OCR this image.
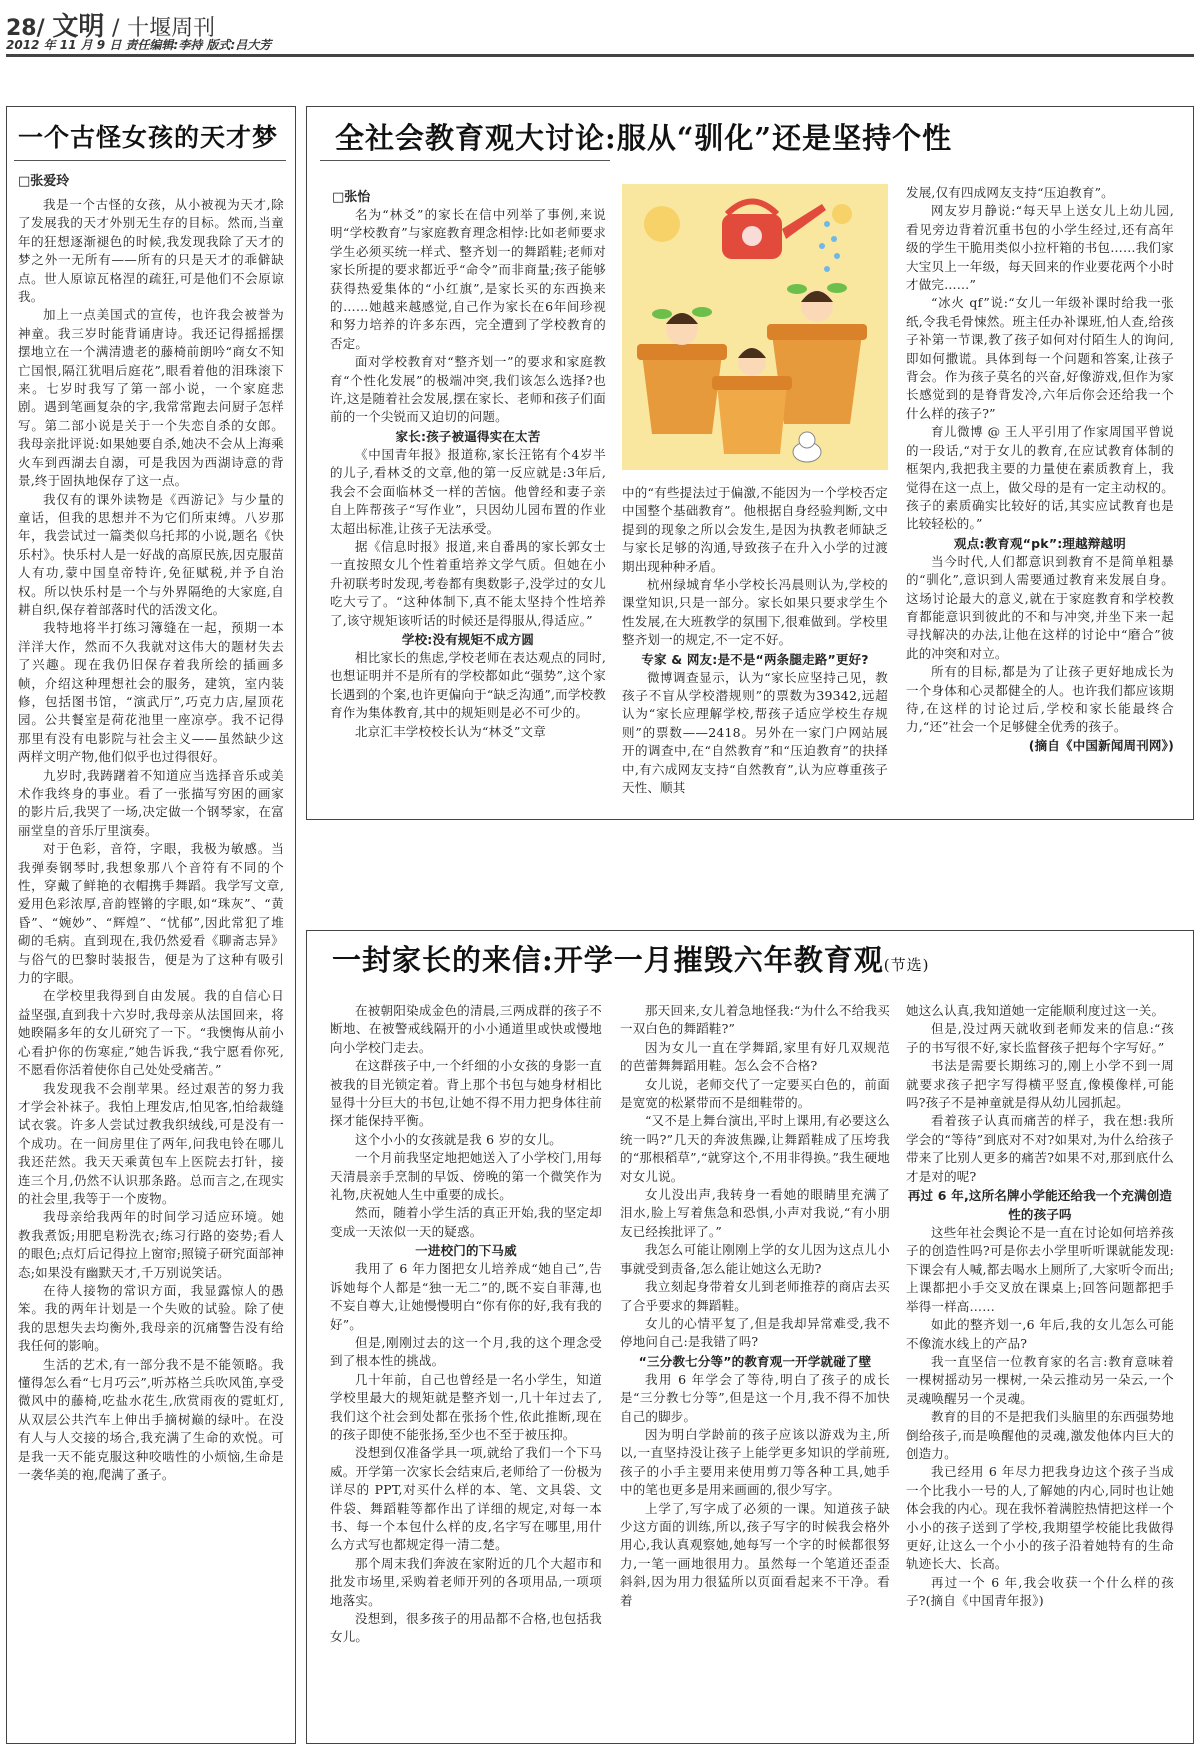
28/ 文明 / 十堰周刊
2012 年 11 月 9 日 责任编辑:李持 版式:吕大芳
一个古怪女孩的天才梦
□张爱玲

我是一个古怪的女孩，从小被视为天才,除了发展我的天才外别无生存的目标。然而,当童年的狂想逐渐褪色的时候,我发现我除了天才的梦之外一无所有——所有的只是天才的乖僻缺点。世人原谅瓦格涅的疏狂,可是他们不会原谅我。

加上一点美国式的宣传，也许我会被誉为神童。我三岁时能背诵唐诗。我还记得摇摇摆摆地立在一个满清遗老的藤椅前朗吟“商女不知亡国恨,隔江犹唱后庭花”,眼看着他的泪珠滚下来。七岁时我写了第一部小说，一个家庭悲剧。遇到笔画复杂的字,我常常跑去问厨子怎样写。第二部小说是关于一个失恋自杀的女郎。我母亲批评说:如果她要自杀,她决不会从上海乘火车到西湖去自溺，可是我因为西湖诗意的背景,终于固执地保存了这一点。

我仅有的课外读物是《西游记》与少量的童话，但我的思想并不为它们所束缚。八岁那年，我尝试过一篇类似乌托邦的小说,题名《快乐村》。快乐村人是一好战的高原民族,因克服苗人有功,蒙中国皇帝特许,免征赋税,并予自治权。所以快乐村是一个与外界隔绝的大家庭,自耕自织,保存着部落时代的活泼文化。

我特地将半打练习簿缝在一起，预期一本洋洋大作，然而不久我就对这伟大的题材失去了兴趣。现在我仍旧保存着我所绘的插画多帧，介绍这种理想社会的服务，建筑，室内装修，包括图书馆，“演武厅”,巧克力店,屋顶花园。公共餐室是荷花池里一座凉亭。我不记得那里有没有电影院与社会主义——虽然缺少这两样文明产物,他们似乎也过得很好。

九岁时,我踌躇着不知道应当选择音乐或美术作我终身的事业。看了一张描写穷困的画家的影片后,我哭了一场,决定做一个钢琴家，在富丽堂皇的音乐厅里演奏。

对于色彩，音符，字眼，我极为敏感。当我弹奏钢琴时,我想象那八个音符有不同的个性，穿戴了鲜艳的衣帽携手舞蹈。我学写文章,爱用色彩浓厚,音韵铿锵的字眼,如“珠灰”、“黄昏”、“婉妙”、“辉煌”、“忧郁”,因此常犯了堆砌的毛病。直到现在,我仍然爱看《聊斋志异》与俗气的巴黎时装报告，便是为了这种有吸引力的字眼。

在学校里我得到自由发展。我的自信心日益坚强,直到我十六岁时,我母亲从法国回来，将她睽隔多年的女儿研究了一下。“我懊悔从前小心看护你的伤寒症,”她告诉我,“我宁愿看你死,不愿看你活着使你自己处处受痛苦。”

我发现我不会削苹果。经过艰苦的努力我才学会补袜子。我怕上理发店,怕见客,怕给裁缝试衣裳。许多人尝试过教我织绒线,可是没有一个成功。在一间房里住了两年,问我电铃在哪儿我还茫然。我天天乘黄包车上医院去打针，接连三个月,仍然不认识那条路。总而言之,在现实的社会里,我等于一个废物。

我母亲给我两年的时间学习适应环境。她教我煮饭;用肥皂粉洗衣;练习行路的姿势;看人的眼色;点灯后记得拉上窗帘;照镜子研究面部神态;如果没有幽默天才,千万别说笑话。

在待人接物的常识方面，我显露惊人的愚笨。我的两年计划是一个失败的试验。除了使我的思想失去均衡外,我母亲的沉痛警告没有给我任何的影响。

生活的艺术,有一部分我不是不能领略。我懂得怎么看“七月巧云”,听苏格兰兵吹风笛,享受微风中的藤椅,吃盐水花生,欣赏雨夜的霓虹灯,从双层公共汽车上伸出手摘树巅的绿叶。在没有人与人交接的场合,我充满了生命的欢悦。可是我一天不能克服这种咬啮性的小烦恼,生命是一袭华美的袍,爬满了蚤子。

全社会教育观大讨论:服从“驯化”还是坚持个性
□张怡

名为“林爻”的家长在信中列举了事例,来说明“学校教育”与家庭教育理念相悖:比如老师要求学生必须买统一样式、整齐划一的舞蹈鞋;老师对家长所提的要求都近乎“命令”而非商量;孩子能够获得热爱集体的“小红旗”,是家长买的东西换来的……她越来越感觉,自己作为家长在6年间珍视和努力培养的许多东西，完全遭到了学校教育的否定。

面对学校教育对“整齐划一”的要求和家庭教育“个性化发展”的极端冲突,我们该怎么选择?也许,这是随着社会发展,摆在家长、老师和孩子们面前的一个尖锐而又迫切的问题。

家长:孩子被逼得实在太苦

《中国青年报》报道称,家长汪铭有个4岁半的儿子,看林爻的文章,他的第一反应就是:3年后,我会不会面临林爻一样的苦恼。他曾经和妻子亲自上阵帮孩子“写作业”，只因幼儿园布置的作业太超出标准,让孩子无法承受。

据《信息时报》报道,来自番禺的家长郭女士一直按照女儿个性着重培养文学气质。但她在小升初联考时发现,考卷都有奥数影子,没学过的女儿吃大亏了。“这种体制下,真不能太坚持个性培养了,该守规矩该听话的时候还是得服从,得适应。”

学校:没有规矩不成方圆

相比家长的焦虑,学校老师在表达观点的同时,也想证明并不是所有的学校都如此“强势”,这个家长遇到的个案,也许更偏向于“缺乏沟通”,而学校教育作为集体教育,其中的规矩则是必不可少的。

北京汇丰学校校长认为“林爻”文章

中的“有些提法过于偏激,不能因为一个学校否定中国整个基础教育”。他根据自身经验判断,文中提到的现象之所以会发生,是因为执教老师缺乏与家长足够的沟通,导致孩子在升入小学的过渡期出现种种矛盾。

杭州绿城育华小学校长冯晨则认为,学校的课堂知识,只是一部分。家长如果只要求学生个性发展,在大班教学的氛围下,很难做到。学校里整齐划一的规定,不一定不好。

专家 & 网友:是不是“两条腿走路”更好?

微博调查显示，认为“家长应坚持己见，教孩子不盲从学校潜规则”的票数为39342,远超认为“家长应理解学校,帮孩子适应学校生存规则”的票数——2418。另外在一家门户网站展开的调查中,在“自然教育”和“压迫教育”的抉择中,有六成网友支持“自然教育”,认为应尊重孩子天性、顺其

发展,仅有四成网友支持“压迫教育”。

网友岁月静说:“每天早上送女儿上幼儿园,看见旁边背着沉重书包的小学生经过,还有高年级的学生干脆用类似小拉杆箱的书包……我们家大宝贝上一年级，每天回来的作业要花两个小时才做完……”

“冰火 qf”说:“女儿一年级补课时给我一张纸,令我毛骨悚然。班主任办补课班,怕人查,给孩子补第一节课,教了孩子如何对付陌生人的询问,即如何撒谎。具体到每一个问题和答案,让孩子背会。作为孩子莫名的兴奋,好像游戏,但作为家长感觉到的是脊背发冷,六年后你会还给我一个什么样的孩子?”

育儿微博 @ 王人平引用了作家周国平曾说的一段话,“对于女儿的教育,在应试教育体制的框架内,我把我主要的力量使在素质教育上，我觉得在这一点上，做父母的是有一定主动权的。孩子的素质确实比较好的话,其实应试教育也是比较轻松的。”

观点:教育观“pk”:理越辩越明

当今时代,人们都意识到教育不是简单粗暴的“驯化”,意识到人需要通过教育来发展自身。这场讨论最大的意义,就在于家庭教育和学校教育都能意识到彼此的不和与冲突,并坐下来一起寻找解决的办法,让他在这样的讨论中“磨合”彼此的冲突和对立。

所有的目标,都是为了让孩子更好地成长为一个身体和心灵都健全的人。也许我们都应该期待,在这样的讨论过后,学校和家长能最终合力,“还”社会一个足够健全优秀的孩子。

(摘自《中国新闻周刊网》)

一封家长的来信:开学一月摧毁六年教育观(节选)

在被朝阳染成金色的清晨,三两成群的孩子不断地、在被警戒线隔开的小小通道里或快或慢地向小学校门走去。

在这群孩子中,一个纤细的小女孩的身影一直被我的目光锁定着。背上那个书包与她身材相比显得十分巨大的书包,让她不得不用力把身体往前探才能保持平衡。

这个小小的女孩就是我 6 岁的女儿。

一个月前我坚定地把她送入了小学校门,用每天清晨亲手烹制的早饭、傍晚的第一个微笑作为礼物,庆祝她人生中重要的成长。

然而，随着小学生活的真正开始,我的坚定却变成一天浓似一天的疑惑。

一进校门的下马威

我用了 6 年力图把女儿培养成“她自己”,告诉她每个人都是“独一无二”的,既不妄自菲薄,也不妄自尊大,让她慢慢明白“你有你的好,我有我的好”。

但是,刚刚过去的这一个月,我的这个理念受到了根本性的挑战。

几十年前，自己也曾经是一名小学生，知道学校里最大的规矩就是整齐划一,几十年过去了,我们这个社会到处都在张扬个性,依此推断,现在的孩子即使不能张扬,至少也不至于被压抑。

没想到仅准备学具一项,就给了我们一个下马威。开学第一次家长会结束后,老师给了一份极为详尽的 PPT,对买什么样的本、笔、文具袋、文件袋、舞蹈鞋等都作出了详细的规定,对每一本书、每一个本包什么样的皮,名字写在哪里,用什么方式写也都规定得一清二楚。

那个周末我们奔波在家附近的几个大超市和批发市场里,采购着老师开列的各项用品,一项项地落实。

没想到，很多孩子的用品都不合格,也包括我女儿。

那天回来,女儿着急地怪我:“为什么不给我买一双白色的舞蹈鞋?”

因为女儿一直在学舞蹈,家里有好几双规范的芭蕾舞舞蹈用鞋。怎么会不合格?

女儿说，老师交代了一定要买白色的，前面是宽宽的松紧带而不是细鞋带的。

“又不是上舞台演出,平时上课用,有必要这么统一吗?”几天的奔波焦躁,让舞蹈鞋成了压垮我的“那根稻草”,“就穿这个,不用非得换。”我生硬地对女儿说。

女儿没出声,我转身一看她的眼睛里充满了泪水,脸上写着焦急和恐惧,小声对我说,“有小朋友已经挨批评了。”

我怎么可能让刚刚上学的女儿因为这点儿小事就受到责备,怎么能让她这么无助?

我立刻起身带着女儿到老师推荐的商店去买了合乎要求的舞蹈鞋。

女儿的心情平复了,但是我却异常难受,我不停地问自己:是我错了吗?

“三分教七分等”的教育观一开学就碰了壁

我用 6 年学会了等待,明白了孩子的成长是“三分教七分等”,但是这一个月,我不得不加快自己的脚步。

因为明白学龄前的孩子应该以游戏为主,所以,一直坚持没让孩子上能学更多知识的学前班,孩子的小手主要用来使用剪刀等各种工具,她手中的笔也更多是用来画画的,很少写字。

上学了,写字成了必须的一课。知道孩子缺少这方面的训练,所以,孩子写字的时候我会格外用心,我认真观察她,她每写一个字的时候都很努力,一笔一画地很用力。虽然每一个笔道还歪歪斜斜,因为用力很猛所以页面看起来不干净。看着

她这么认真,我知道她一定能顺利度过这一关。

但是,没过两天就收到老师发来的信息:“孩子的书写很不好,家长监督孩子把每个字写好。”

书法是需要长期练习的,刚上小学不到一周就要求孩子把字写得横平竖直,像模像样,可能吗?孩子不是神童就是得从幼儿园抓起。

看着孩子认真而痛苦的样子，我在想:我所学会的“等待”到底对不对?如果对,为什么给孩子带来了比别人更多的痛苦?如果不对,那到底什么才是对的呢?

再过 6 年,这所名牌小学能还给我一个充满创造性的孩子吗

这些年社会舆论不是一直在讨论如何培养孩子的创造性吗?可是你去小学里听听课就能发现:下课会有人喊,都去喝水上厕所了,大家听令而出;上课都把小手交叉放在课桌上;回答问题都把手举得一样高……

如此的整齐划一,6 年后,我的女儿怎么可能不像流水线上的产品?

我一直坚信一位教育家的名言:教育意味着一棵树摇动另一棵树,一朵云推动另一朵云,一个灵魂唤醒另一个灵魂。

教育的目的不是把我们头脑里的东西强势地倒给孩子,而是唤醒他的灵魂,激发他体内巨大的创造力。

我已经用 6 年尽力把我身边这个孩子当成一个比我小一号的人,了解她的内心,同时也让她体会我的内心。现在我怀着满腔热情把这样一个小小的孩子送到了学校,我期望学校能比我做得更好,让这么一个小小的孩子沿着她特有的生命轨迹长大、长高。

再过一个 6 年,我会收获一个什么样的孩子?(摘自《中国青年报》)
